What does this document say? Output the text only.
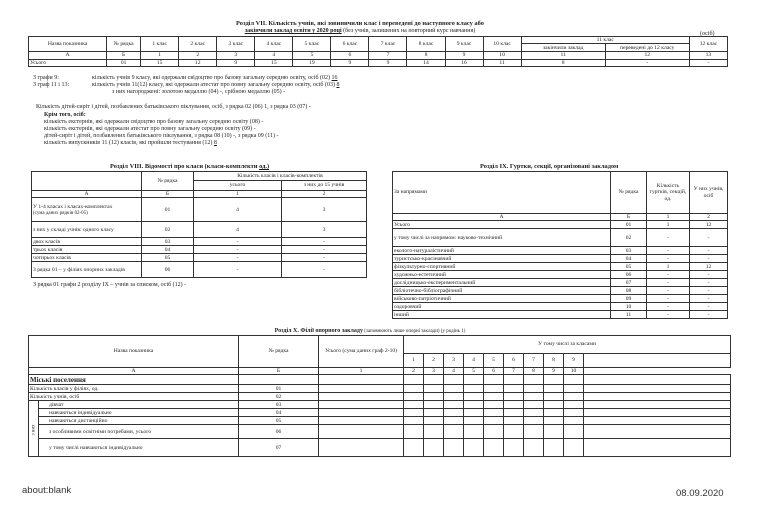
Розділ VII. Кількість учнів, які зовиничили клас і переведені до наступного класу або
закінчили заклад освіти у 2020 році (без учнів, залишених на повторний курс навчання)	(осіб)
Назва показника	№ рядка	1 клас	2 клас	3 клас	4 клас	5 клас	6 клас	7 клас	8 клас	9 клас	10 клас	11 клас		12 клас
												закінчили заклад	переведені до 12 класу	
А	Б	1	2	3	4	5	6	7	8	9	10	11	12	13
Усього	01	15	12	9	15	19	9	9	14	16	11	8	-	-
З графи 9:	кількість учнів 9 класу, які одержали свідоцтво про базову загальну середню освіту, осіб (02) 16
З граф 11 і 13:	кількість учнів 11(12) класу, які одержали атестат про повну загальну середню освіту, осіб (03) 8
з них нагороджені: золотою медаллю (04) -, срібною медаллю (05) -
Кількість дітей-сиріт і дітей, позбавлених батьківського піклування, осіб, з рядка 02 (06) 1, з рядка 03 (07) -
Крім того, осіб:
кількість екстернів, які одержали свідоцтво про базову загальну середню освіту (08) -
кількість екстернів, які одержали атестат про повну загальну середню освіту (09) -
дітей-сиріт і дітей, позбавлених батьківського піклування, з рядка 08 (10) -, з рядка 09 (11) -
кількість випускників 11 (12) класів, які пройшли тестування (12) 8
Розділ VIII. Відомості про класи (класи-комплекти од.)
	№ рядка	Кількість класів і класів-комплектів	
		усього	з них до 15 учнів
А	Б	1	2
У 1-4 класах і класах-комплектах
(сума даних рядків 02-05)	01	4	3
з них у складі учнів: одного класу	02	4	3
двох класів	03	-	-
трьох класів	04	-	-
чотирьох класів	05	-	-
З рядка 01 – у філіях опорних закладів	06	-	-
З рядка 01 графи 2 розділу IX – учнів за списком, осіб (12) -
Розділ IX. Гуртки, секції, організовані закладом
За напрямами	№ рядка	Кількість гуртків, секцій, од.	У них учнів, осіб
А	Б	1	2
Усього	01	1	12
у тому числі за напрямом: науково-технічний	02	-	-
еколого-натуралістичний	03	-	-
туристсько-краєзнавчий	04	-	-
фізкультурно-спортивний	05	1	12
художньо-естетичний	06	-	-
дослідницько-експериментальний	07	-	-
бібліотечно-бібліографічний	08	-	-
військово-патріотичний	09	-	-
оздоровчий	10	-	-
інший	11	-	-
Розділ X. Філії опорного закладу (заповнюють лише опорні заклади) (у родінь 1)
Назва показника		№ рядка	Усього (сума даних граф 2-10)	У тому числі за класами									
				1	2	3	4	5	6	7	8	9	
А		Б	1	2	3	4	5	6	7	8	9	10	
Міські поселення													
Кількість класів у філіях, од.		01											
Кількість учнів, осіб		02											
з них	дівчат	03											
	навчаються індивідуально	04											
	навчаються дистанційно	05											
	з особливими освітніми потребами, усього	06											
	у тому числі навчаються індивідуально	07											
about:blank	08.09.2020
